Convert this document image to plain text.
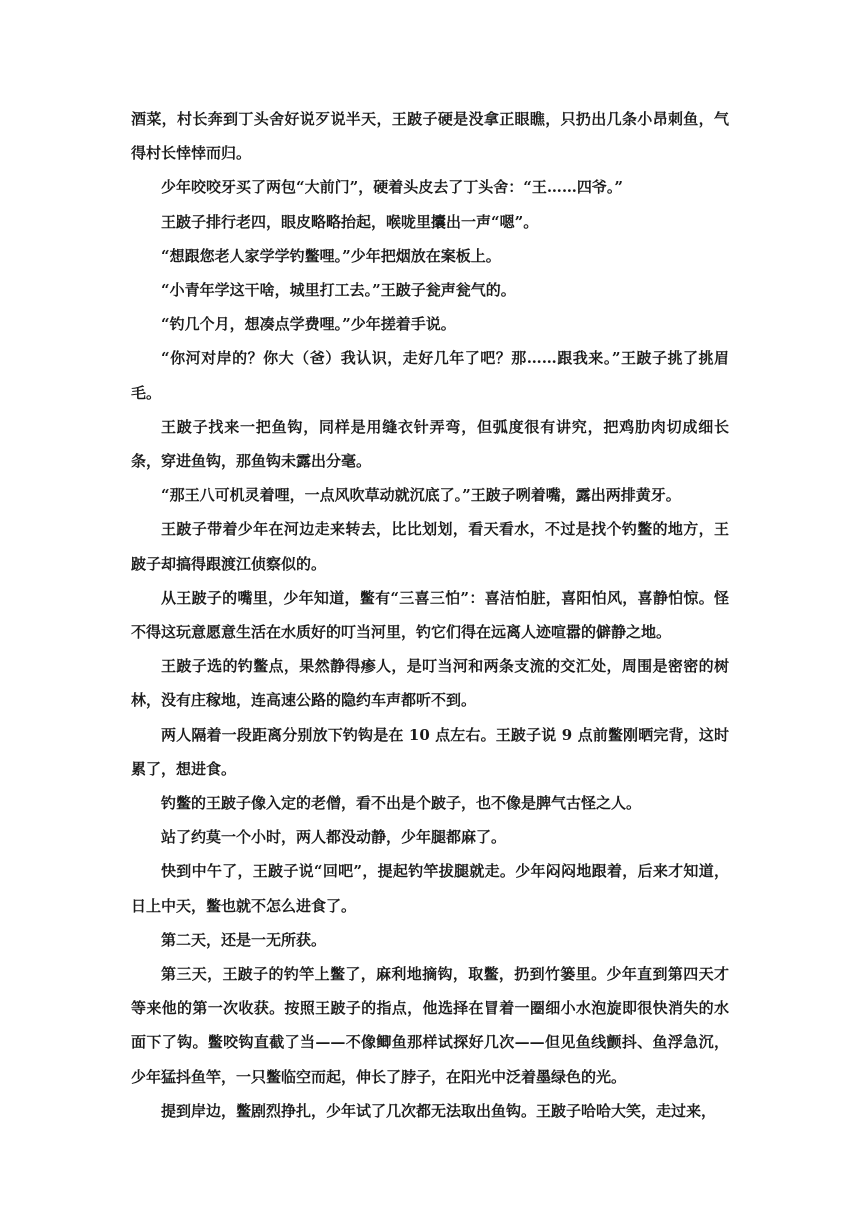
酒菜，村长奔到丁头舍好说歹说半天，王跛子硬是没拿正眼瞧，只扔出几条小昂刺鱼，气得村长悻悻而归。

少年咬咬牙买了两包“大前门”，硬着头皮去了丁头舍：“王……四爷。”

王跛子排行老四，眼皮略略抬起，喉咙里攮出一声“嗯”。

“想跟您老人家学学钓鳖哩。”少年把烟放在案板上。

“小青年学这干啥，城里打工去。”王跛子瓮声瓮气的。

“钓几个月，想凑点学费哩。”少年搓着手说。

“你河对岸的？你大（爸）我认识，走好几年了吧？那……跟我来。”王跛子挑了挑眉毛。

王跛子找来一把鱼钩，同样是用缝衣针弄弯，但弧度很有讲究，把鸡肋肉切成细长条，穿进鱼钩，那鱼钩未露出分毫。

“那王八可机灵着哩，一点风吹草动就沉底了。”王跛子咧着嘴，露出两排黄牙。

王跛子带着少年在河边走来转去，比比划划，看天看水，不过是找个钓鳖的地方，王跛子却搞得跟渡江侦察似的。

从王跛子的嘴里，少年知道，鳖有“三喜三怕”：喜洁怕脏，喜阳怕风，喜静怕惊。怪不得这玩意愿意生活在水质好的叮当河里，钓它们得在远离人迹喧嚣的僻静之地。

王跛子选的钓鳖点，果然静得瘆人，是叮当河和两条支流的交汇处，周围是密密的树林，没有庄稼地，连高速公路的隐约车声都听不到。

两人隔着一段距离分别放下钓钩是在 10 点左右。王跛子说 9 点前鳖刚晒完背，这时累了，想进食。

钓鳖的王跛子像入定的老僧，看不出是个跛子，也不像是脾气古怪之人。

站了约莫一个小时，两人都没动静，少年腿都麻了。

快到中午了，王跛子说“回吧”，提起钓竿拔腿就走。少年闷闷地跟着，后来才知道，日上中天，鳖也就不怎么进食了。

第二天，还是一无所获。

第三天，王跛子的钓竿上鳖了，麻利地摘钩，取鳖，扔到竹篓里。少年直到第四天才等来他的第一次收获。按照王跛子的指点，他选择在冒着一圈细小水泡旋即很快消失的水面下了钩。鳖咬钩直截了当——不像鲫鱼那样试探好几次——但见鱼线颤抖、鱼浮急沉，少年猛抖鱼竿，一只鳖临空而起，伸长了脖子，在阳光中泛着墨绿色的光。

提到岸边，鳖剧烈挣扎，少年试了几次都无法取出鱼钩。王跛子哈哈大笑，走过来，
